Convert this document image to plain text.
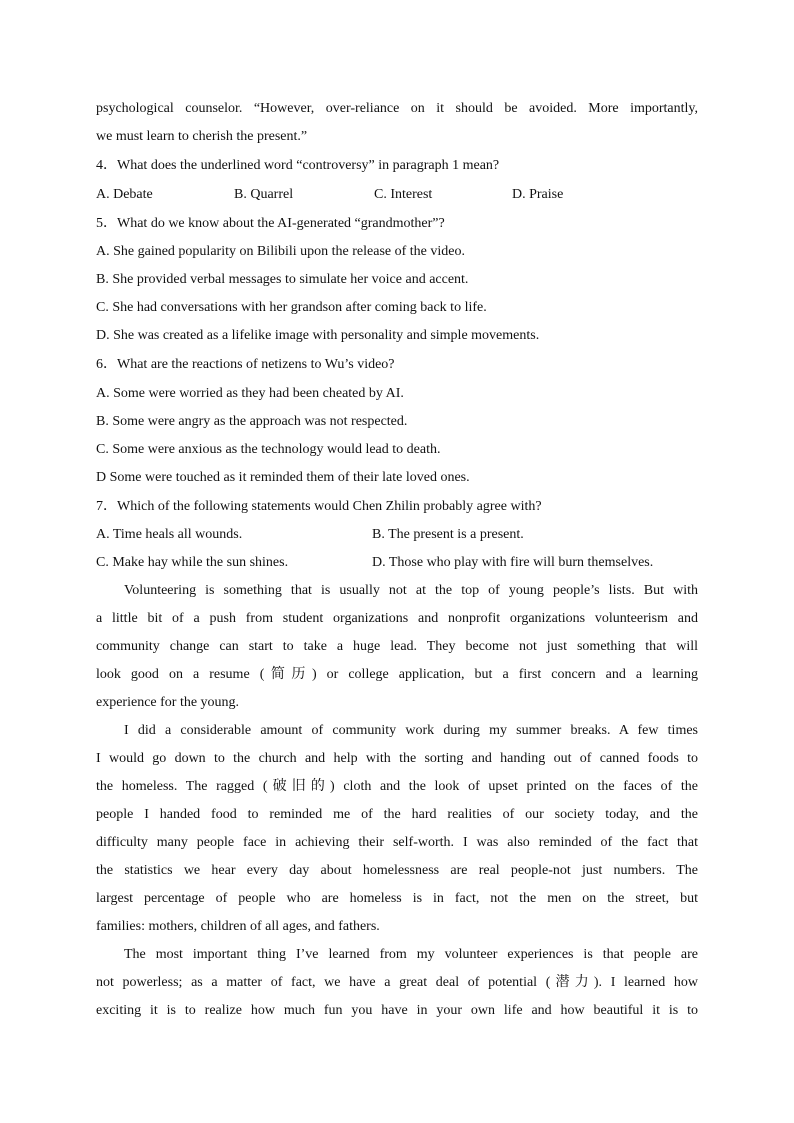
psychological counselor. “However, over-reliance on it should be avoided. More importantly,
we must learn to cherish the present.”
4．What does the underlined word “controversy” in paragraph 1 mean?
A. Debate	B. Quarrel	C. Interest	D. Praise
5．What do we know about the AI-generated “grandmother”?
A. She gained popularity on Bilibili upon the release of the video.
B. She provided verbal messages to simulate her voice and accent.
C. She had conversations with her grandson after coming back to life.
D. She was created as a lifelike image with personality and simple movements.
6．What are the reactions of netizens to Wu’s video?
A. Some were worried as they had been cheated by AI.
B. Some were angry as the approach was not respected.
C. Some were anxious as the technology would lead to death.
D Some were touched as it reminded them of their late loved ones.
7．Which of the following statements would Chen Zhilin probably agree with?
A. Time heals all wounds.	B. The present is a present.
C. Make hay while the sun shines.	D. Those who play with fire will burn themselves.
Volunteering is something that is usually not at the top of young people’s lists. But with
a little bit of a push from student organizations and nonprofit organizations volunteerism and
community change can start to take a huge lead. They become not just something that will
look good on a resume (简历) or college application, but a first concern and a learning
experience for the young.
I did a considerable amount of community work during my summer breaks. A few times
I would go down to the church and help with the sorting and handing out of canned foods to
the homeless. The ragged (破旧的) cloth and the look of upset printed on the faces of the
people I handed food to reminded me of the hard realities of our society today, and the
difficulty many people face in achieving their self-worth. I was also reminded of the fact that
the statistics we hear every day about homelessness are real people-not just numbers. The
largest percentage of people who are homeless is in fact, not the men on the street, but
families: mothers, children of all ages, and fathers.
The most important thing I’ve learned from my volunteer experiences is that people are
not powerless; as a matter of fact, we have a great deal of potential (潜力). I learned how
exciting it is to realize how much fun you have in your own life and how beautiful it is to
